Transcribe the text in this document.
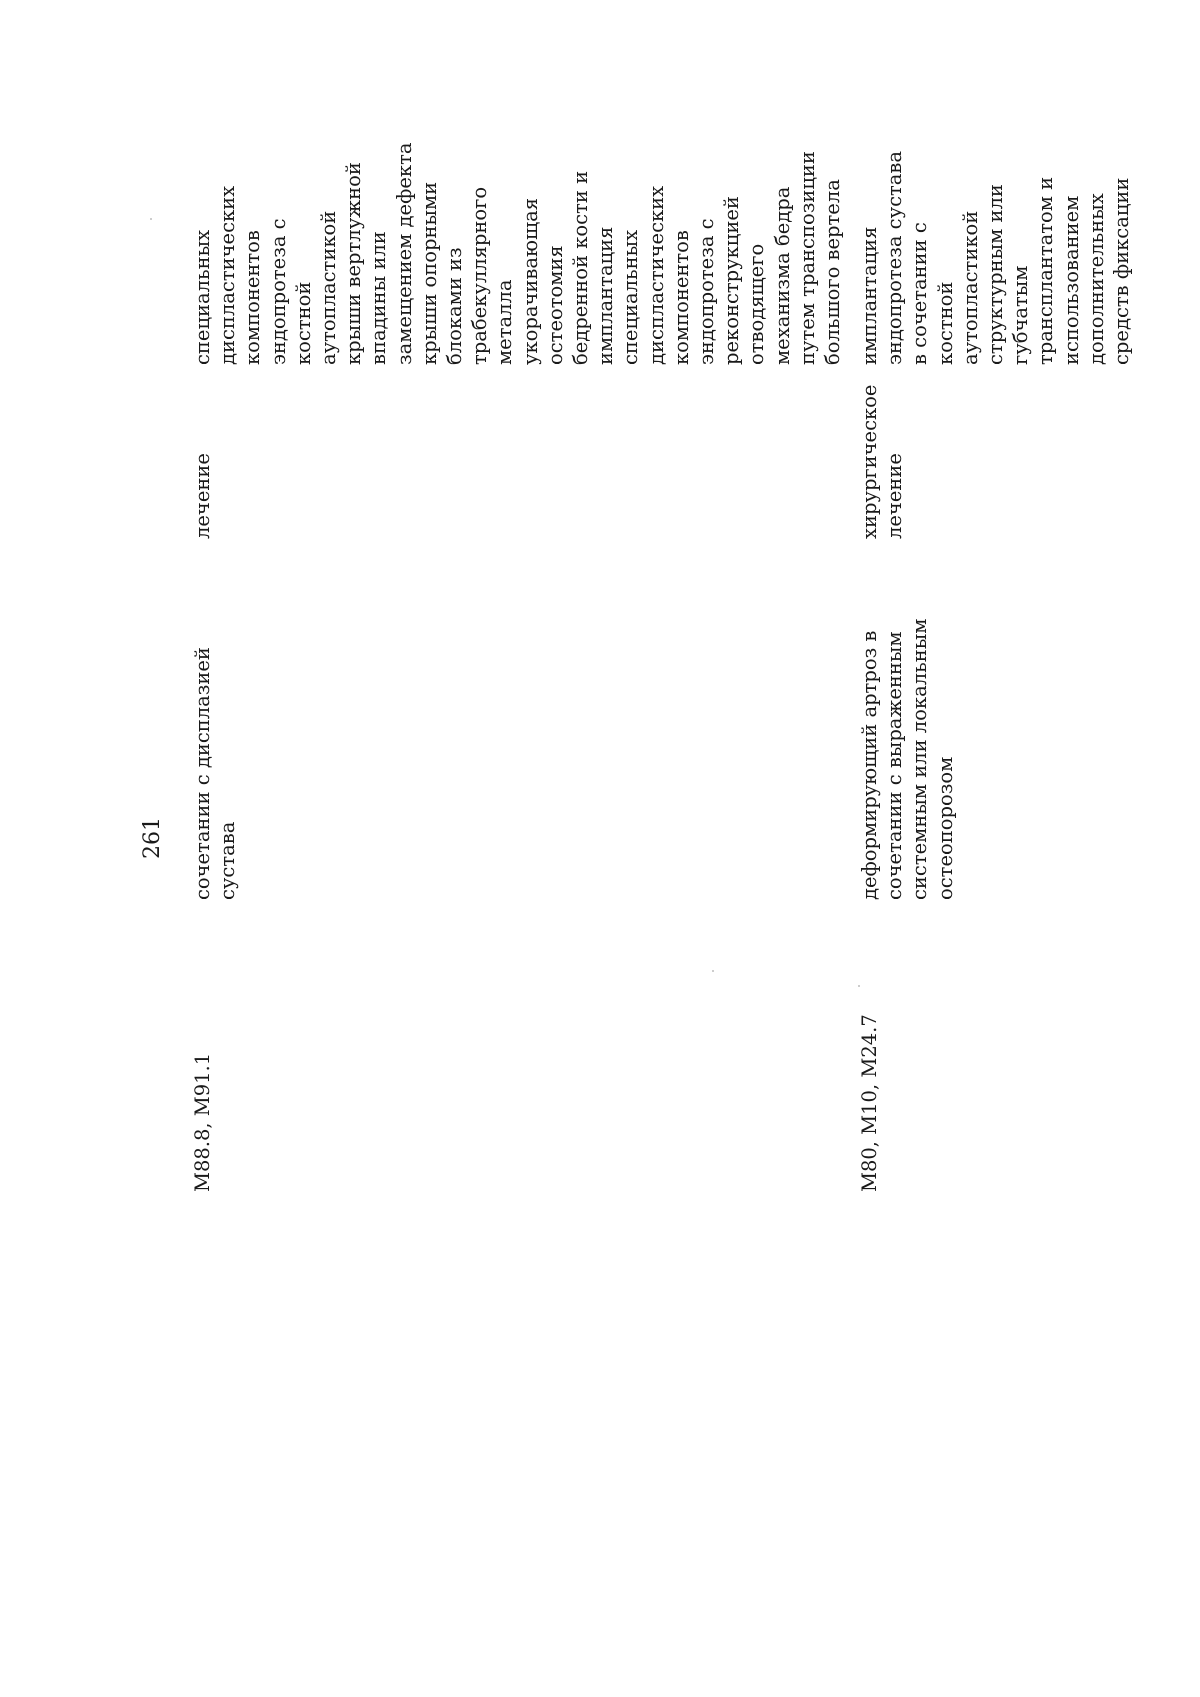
261
M88.8, M91.1
сочетании с дисплазией сустава
лечение
специальных диспластических компонентов эндопротеза с костной аутопластикой крыши вертлужной впадины или замещением дефекта крыши опорными блоками из трабекуллярного металла укорачивающая остеотомия бедренной кости и имплантация специальных диспластических компонентов эндопротеза с реконструкцией отводящего механизма бедра путем транспозиции большого вертела
M80, M10, M24.7
деформирующий артроз в сочетании с выраженным системным или локальным остеопорозом
хирургическое лечение
имплантация эндопротеза сустава в сочетании с костной аутопластикой структурным или губчатым трансплантатом и использованием дополнительных средств фиксации
